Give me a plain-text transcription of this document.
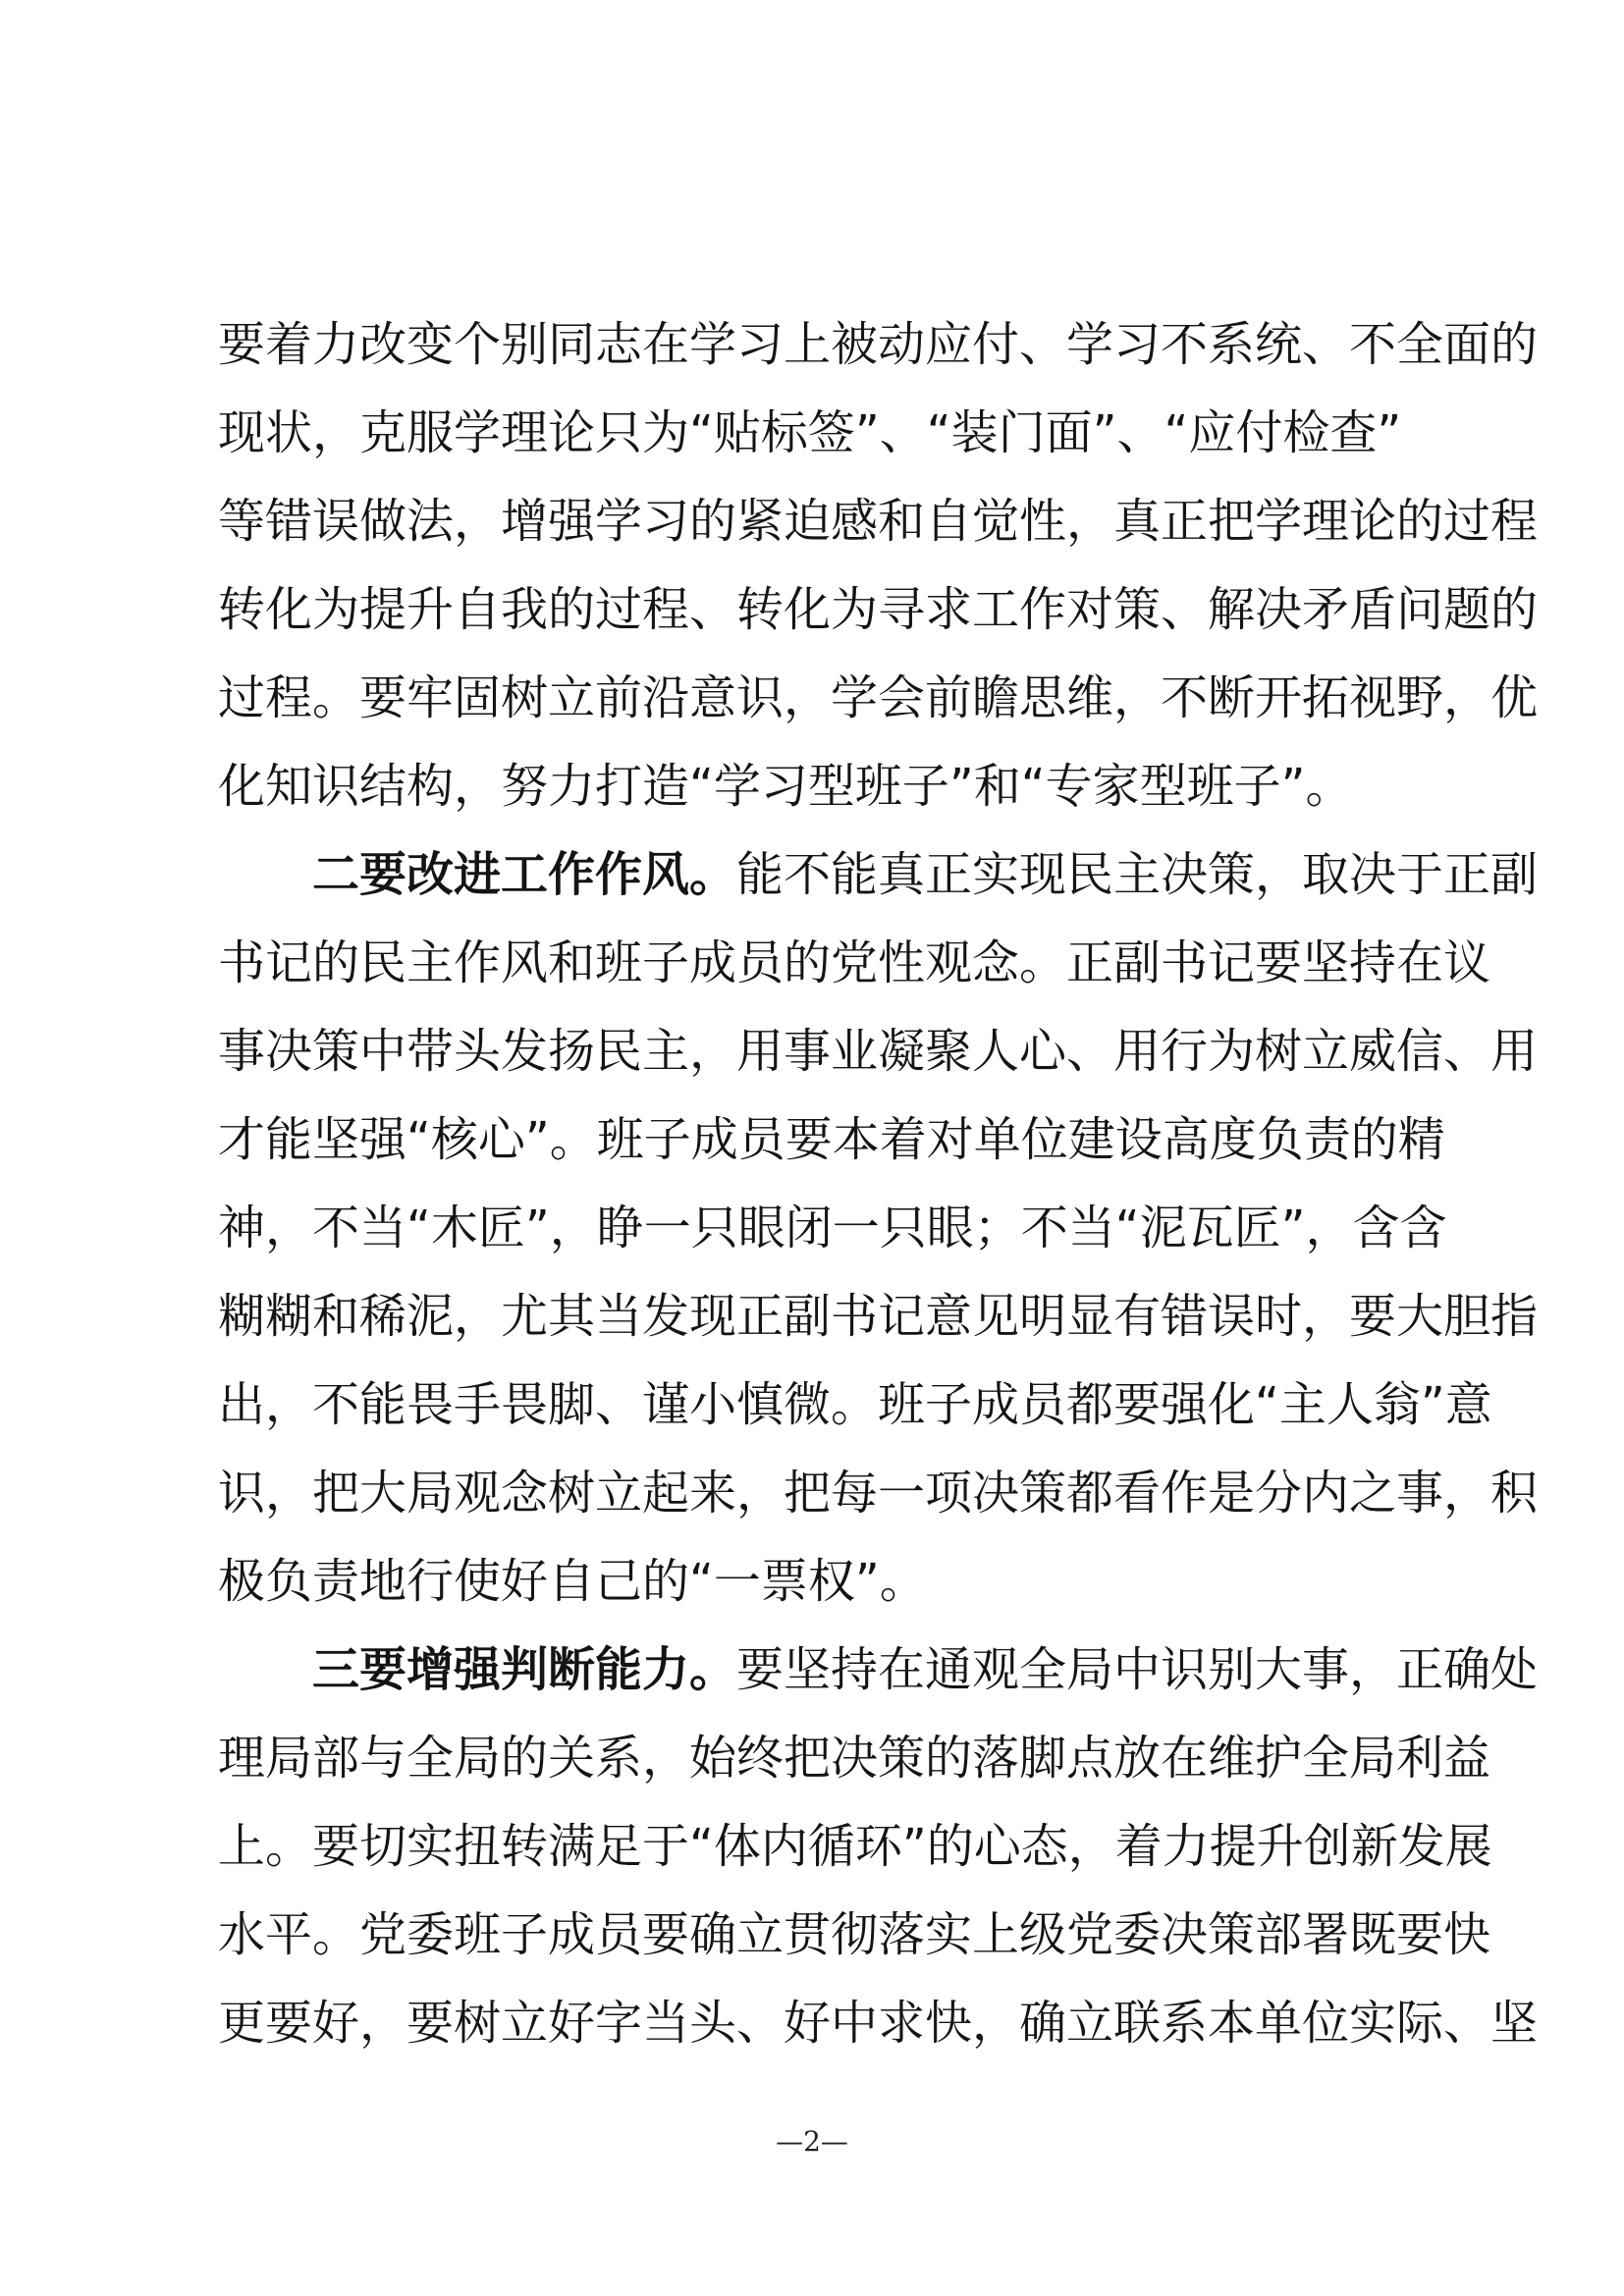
要着力改变个别同志在学习上被动应付、学习不系统、不全面的
现状，克服学理论只为“贴标签”、“装门面”、“应付检查”
等错误做法，增强学习的紧迫感和自觉性，真正把学理论的过程
转化为提升自我的过程、转化为寻求工作对策、解决矛盾问题的
过程。要牢固树立前沿意识，学会前瞻思维，不断开拓视野，优
化知识结构，努力打造“学习型班子”和“专家型班子”。
二要改进工作作风。能不能真正实现民主决策，取决于正副
书记的民主作风和班子成员的党性观念。正副书记要坚持在议
事决策中带头发扬民主，用事业凝聚人心、用行为树立威信、用
才能坚强“核心”。班子成员要本着对单位建设高度负责的精
神，不当“木匠”，睁一只眼闭一只眼；不当“泥瓦匠”，含含
糊糊和稀泥，尤其当发现正副书记意见明显有错误时，要大胆指
出，不能畏手畏脚、谨小慎微。班子成员都要强化“主人翁”意
识，把大局观念树立起来，把每一项决策都看作是分内之事，积
极负责地行使好自己的“一票权”。
三要增强判断能力。要坚持在通观全局中识别大事，正确处
理局部与全局的关系，始终把决策的落脚点放在维护全局利益
上。要切实扭转满足于“体内循环”的心态，着力提升创新发展
水平。党委班子成员要确立贯彻落实上级党委决策部署既要快
更要好，要树立好字当头、好中求快，确立联系本单位实际、坚
—2—
